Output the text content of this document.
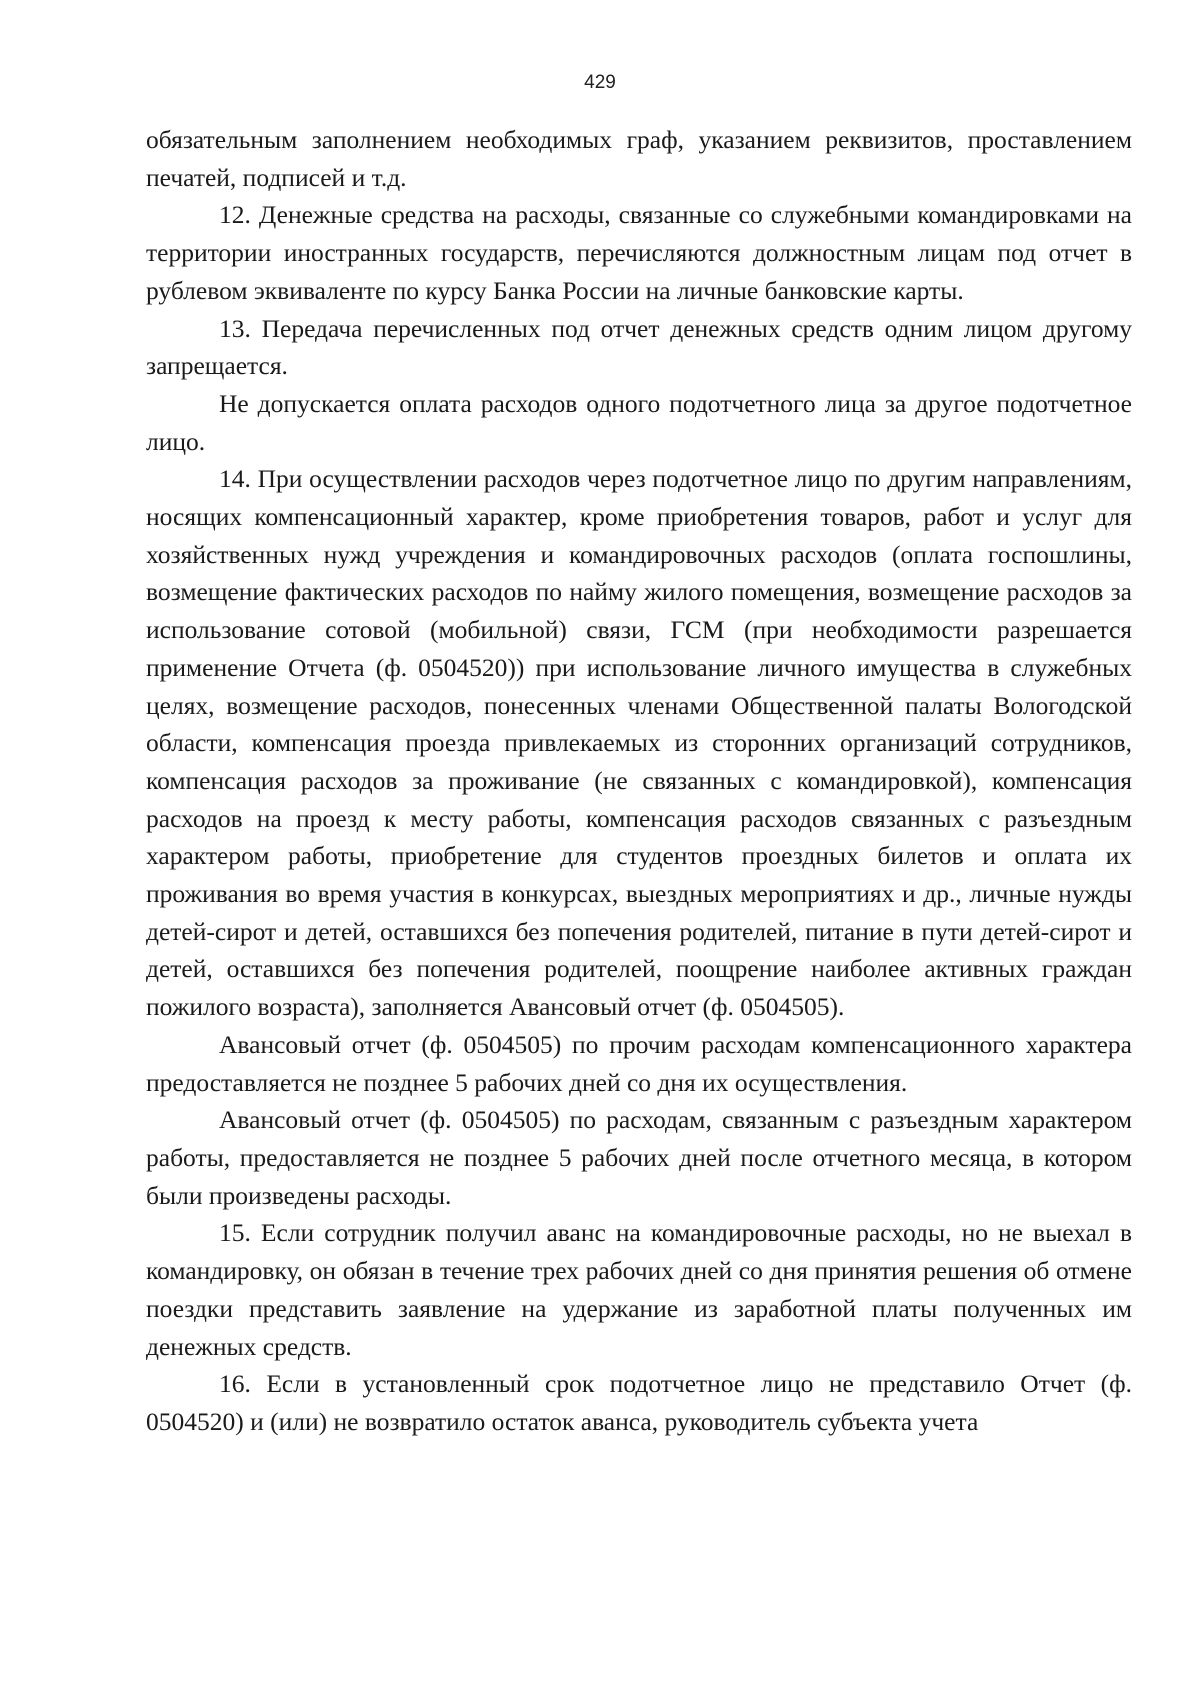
429

обязательным заполнением необходимых граф, указанием реквизитов, проставлением печатей, подписей и т.д.

12. Денежные средства на расходы, связанные со служебными командировками на территории иностранных государств, перечисляются должностным лицам под отчет в рублевом эквиваленте по курсу Банка России на личные банковские карты.

13. Передача перечисленных под отчет денежных средств одним лицом другому запрещается.

Не допускается оплата расходов одного подотчетного лица за другое подотчетное лицо.

14. При осуществлении расходов через подотчетное лицо по другим направлениям, носящих компенсационный характер, кроме приобретения товаров, работ и услуг для хозяйственных нужд учреждения и командировочных расходов (оплата госпошлины, возмещение фактических расходов по найму жилого помещения, возмещение расходов за использование сотовой (мобильной) связи, ГСМ (при необходимости разрешается применение Отчета (ф. 0504520)) при использование личного имущества в служебных целях, возмещение расходов, понесенных членами Общественной палаты Вологодской области, компенсация проезда привлекаемых из сторонних организаций сотрудников, компенсация расходов за проживание (не связанных с командировкой), компенсация расходов на проезд к месту работы, компенсация расходов связанных с разъездным характером работы, приобретение для студентов проездных билетов и оплата их проживания во время участия в конкурсах, выездных мероприятиях и др., личные нужды детей-сирот и детей, оставшихся без попечения родителей, питание в пути детей-сирот и детей, оставшихся без попечения родителей, поощрение наиболее активных граждан пожилого возраста), заполняется Авансовый отчет (ф. 0504505).

Авансовый отчет (ф. 0504505) по прочим расходам компенсационного характера предоставляется не позднее 5 рабочих дней со дня их осуществления.

Авансовый отчет (ф. 0504505) по расходам, связанным с разъездным характером работы, предоставляется не позднее 5 рабочих дней после отчетного месяца, в котором были произведены расходы.

15. Если сотрудник получил аванс на командировочные расходы, но не выехал в командировку, он обязан в течение трех рабочих дней со дня принятия решения об отмене поездки представить заявление на удержание из заработной платы полученных им денежных средств.

16. Если в установленный срок подотчетное лицо не представило Отчет (ф. 0504520) и (или) не возвратило остаток аванса, руководитель субъекта учета
